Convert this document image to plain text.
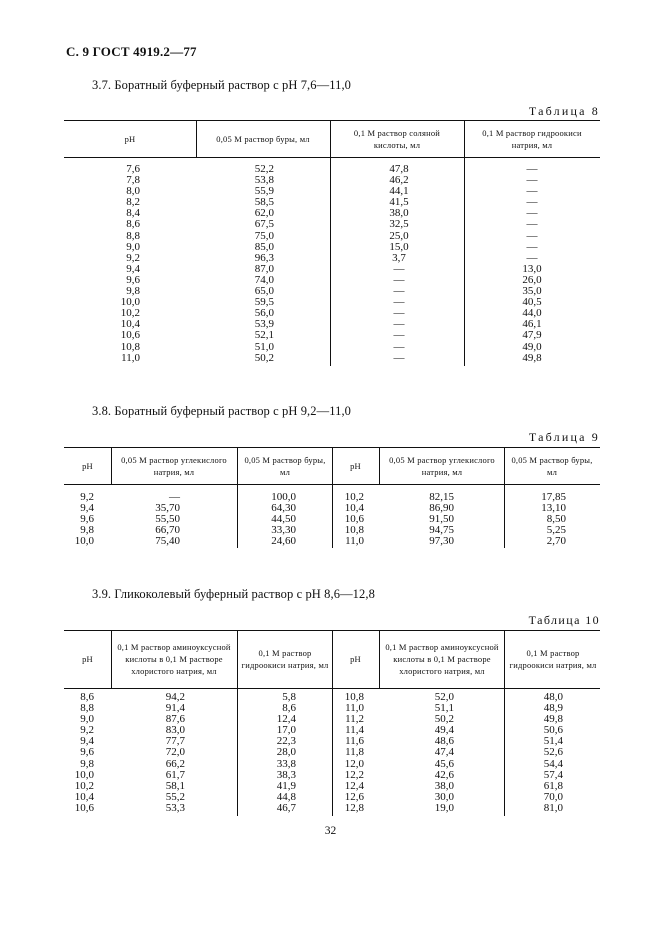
С. 9 ГОСТ 4919.2—77
3.7. Боратный буферный раствор с рН 7,6—11,0
Таблица 8
рН	0,05 М раствор буры, мл
0,1 М раствор соляной кислоты, мл
0,1 М раствор гидроокиси натрия, мл
7,6
7,8
8,0
8,2
8,4
8,6
8,8
9,0
9,2
9,4
9,6
9,8
10,0
10,2
10,4
10,6
10,8
11,0
52,2
53,8
55,9
58,5
62,0
67,5
75,0
85,0
96,3
87,0
74,0
65,0
59,5
56,0
53,9
52,1
51,0
50,2
47,8
46,2
44,1
41,5
38,0
32,5
25,0
15,0
3,7
—
—
—
—
—
—
—
—
—
—
—
—
—
—
—
—
—
—
13,0
26,0
35,0
40,5
44,0
46,1
47,9
49,0
49,8
3.8. Боратный буферный раствор с рН 9,2—11,0
Таблица 9
рН
0,05 М раствор углекислого натрия, мл
0,05 М раствор буры, мл
рН
0,05 М раствор углекислого натрия, мл
0,05 М раствор буры, мл
9,2
9,4
9,6
9,8
10,0
—
35,70
55,50
66,70
75,40
100,0
64,30
44,50
33,30
24,60
10,2
10,4
10,6
10,8
11,0
82,15
86,90
91,50
94,75
97,30
17,85
13,10
8,50
5,25
2,70
3.9. Гликоколевый буферный раствор с рН 8,6—12,8
Таблица 10
рН
0,1 М раствор аминоуксусной кислоты в 0,1 М растворе хлористого натрия, мл
0,1 М раствор гидроокиси натрия, мл
рН
0,1 М раствор аминоуксусной кислоты в 0,1 М растворе хлористого натрия, мл
0,1 М раствор гидроокиси натрия, мл
8,6
8,8
9,0
9,2
9,4
9,6
9,8
10,0
10,2
10,4
10,6
94,2
91,4
87,6
83,0
77,7
72,0
66,2
61,7
58,1
55,2
53,3
5,8
8,6
12,4
17,0
22,3
28,0
33,8
38,3
41,9
44,8
46,7
10,8
11,0
11,2
11,4
11,6
11,8
12,0
12,2
12,4
12,6
12,8
52,0
51,1
50,2
49,4
48,6
47,4
45,6
42,6
38,0
30,0
19,0
48,0
48,9
49,8
50,6
51,4
52,6
54,4
57,4
61,8
70,0
81,0
32
